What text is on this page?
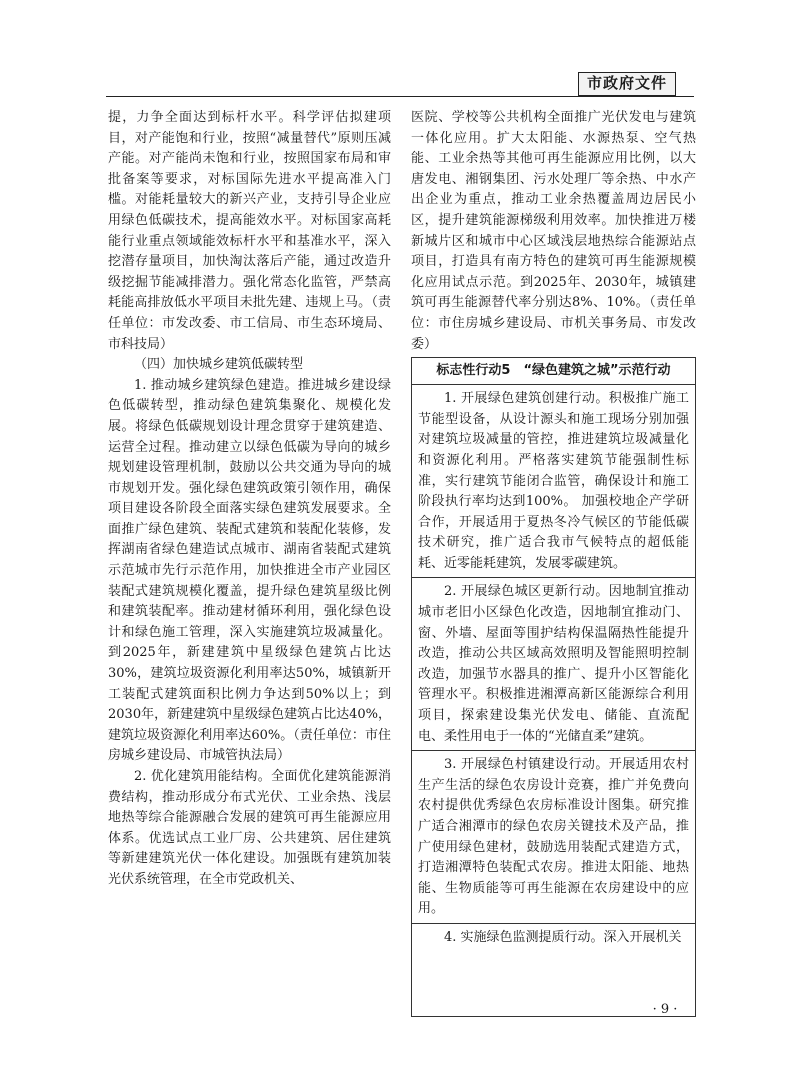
市政府文件

提，力争全面达到标杆水平。科学评估拟建项目，对产能饱和行业，按照“减量替代”原则压减产能。对产能尚未饱和行业，按照国家布局和审批备案等要求，对标国际先进水平提高准入门槛。对能耗量较大的新兴产业，支持引导企业应用绿色低碳技术，提高能效水平。对标国家高耗能行业重点领域能效标杆水平和基准水平，深入挖潜存量项目，加快淘汰落后产能，通过改造升级挖掘节能减排潜力。强化常态化监管，严禁高耗能高排放低水平项目未批先建、违规上马。（责任单位：市发改委、市工信局、市生态环境局、市科技局）

（四）加快城乡建筑低碳转型

1. 推动城乡建筑绿色建造。推进城乡建设绿色低碳转型，推动绿色建筑集聚化、规模化发展。将绿色低碳规划设计理念贯穿于建筑建造、运营全过程。推动建立以绿色低碳为导向的城乡规划建设管理机制，鼓励以公共交通为导向的城市规划开发。强化绿色建筑政策引领作用，确保项目建设各阶段全面落实绿色建筑发展要求。全面推广绿色建筑、装配式建筑和装配化装修，发挥湖南省绿色建造试点城市、湖南省装配式建筑示范城市先行示范作用，加快推进全市产业园区装配式建筑规模化覆盖，提升绿色建筑星级比例和建筑装配率。推动建材循环利用，强化绿色设计和绿色施工管理，深入实施建筑垃圾减量化。到2025年，新建建筑中星级绿色建筑占比达30%，建筑垃圾资源化利用率达50%，城镇新开工装配式建筑面积比例力争达到50%以上；到2030年，新建建筑中星级绿色建筑占比达40%，建筑垃圾资源化利用率达60%。（责任单位：市住房城乡建设局、市城管执法局）

2. 优化建筑用能结构。全面优化建筑能源消费结构，推动形成分布式光伏、工业余热、浅层地热等综合能源融合发展的建筑可再生能源应用体系。优选试点工业厂房、公共建筑、居住建筑等新建建筑光伏一体化建设。加强既有建筑加装光伏系统管理，在全市党政机关、

医院、学校等公共机构全面推广光伏发电与建筑一体化应用。扩大太阳能、水源热泵、空气热能、工业余热等其他可再生能源应用比例，以大唐发电、湘钢集团、污水处理厂等余热、中水产出企业为重点，推动工业余热覆盖周边居民小区，提升建筑能源梯级利用效率。加快推进万楼新城片区和城市中心区域浅层地热综合能源站点项目，打造具有南方特色的建筑可再生能源规模化应用试点示范。到2025年、2030年，城镇建筑可再生能源替代率分别达8%、10%。（责任单位：市住房城乡建设局、市机关事务局、市发改委）

标志性行动5　“绿色建筑之城”示范行动

1. 开展绿色建筑创建行动。积极推广施工节能型设备，从设计源头和施工现场分别加强对建筑垃圾减量的管控，推进建筑垃圾减量化和资源化利用。严格落实建筑节能强制性标准，实行建筑节能闭合监管，确保设计和施工阶段执行率均达到100%。 加强校地企产学研合作，开展适用于夏热冬冷气候区的节能低碳技术研究，推广适合我市气候特点的超低能耗、近零能耗建筑，发展零碳建筑。

2. 开展绿色城区更新行动。因地制宜推动城市老旧小区绿色化改造，因地制宜推动门、窗、外墙、屋面等围护结构保温隔热性能提升改造，推动公共区域高效照明及智能照明控制改造，加强节水器具的推广、提升小区智能化管理水平。积极推进湘潭高新区能源综合利用项目，探索建设集光伏发电、储能、直流配电、柔性用电于一体的“光储直柔”建筑。

3. 开展绿色村镇建设行动。开展适用农村生产生活的绿色农房设计竞赛，推广并免费向农村提供优秀绿色农房标准设计图集。研究推广适合湘潭市的绿色农房关键技术及产品，推广使用绿色建材，鼓励选用装配式建造方式，打造湘潭特色装配式农房。推进太阳能、地热能、生物质能等可再生能源在农房建设中的应用。

4. 实施绿色监测提质行动。深入开展机关

· 9 ·
